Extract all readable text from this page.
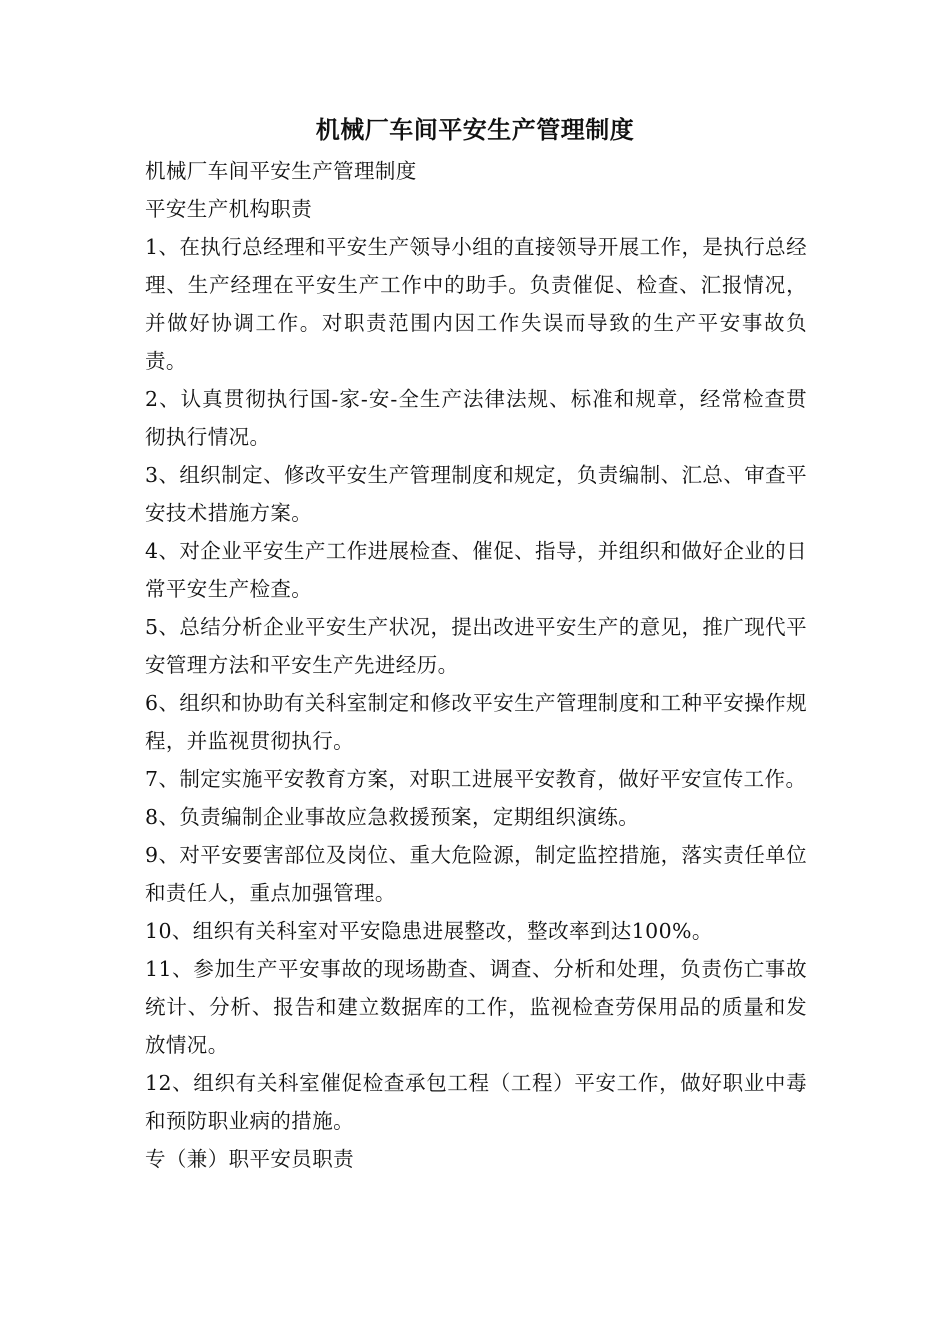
机械厂车间平安生产管理制度
机械厂车间平安生产管理制度
平安生产机构职责
1、在执行总经理和平安生产领导小组的直接领导开展工作，是执行总经理、生产经理在平安生产工作中的助手。负责催促、检查、汇报情况，并做好协调工作。对职责范围内因工作失误而导致的生产平安事故负责。
2、认真贯彻执行国-家-安-全生产法律法规、标准和规章，经常检查贯彻执行情况。
3、组织制定、修改平安生产管理制度和规定，负责编制、汇总、审查平安技术措施方案。
4、对企业平安生产工作进展检查、催促、指导，并组织和做好企业的日常平安生产检查。
5、总结分析企业平安生产状况，提出改进平安生产的意见，推广现代平安管理方法和平安生产先进经历。
6、组织和协助有关科室制定和修改平安生产管理制度和工种平安操作规程，并监视贯彻执行。
7、制定实施平安教育方案，对职工进展平安教育，做好平安宣传工作。
8、负责编制企业事故应急救援预案，定期组织演练。
9、对平安要害部位及岗位、重大危险源，制定监控措施，落实责任单位和责任人，重点加强管理。
10、组织有关科室对平安隐患进展整改，整改率到达100%。
11、参加生产平安事故的现场勘查、调查、分析和处理，负责伤亡事故统计、分析、报告和建立数据库的工作，监视检查劳保用品的质量和发放情况。
12、组织有关科室催促检查承包工程（工程）平安工作，做好职业中毒和预防职业病的措施。
专（兼）职平安员职责
